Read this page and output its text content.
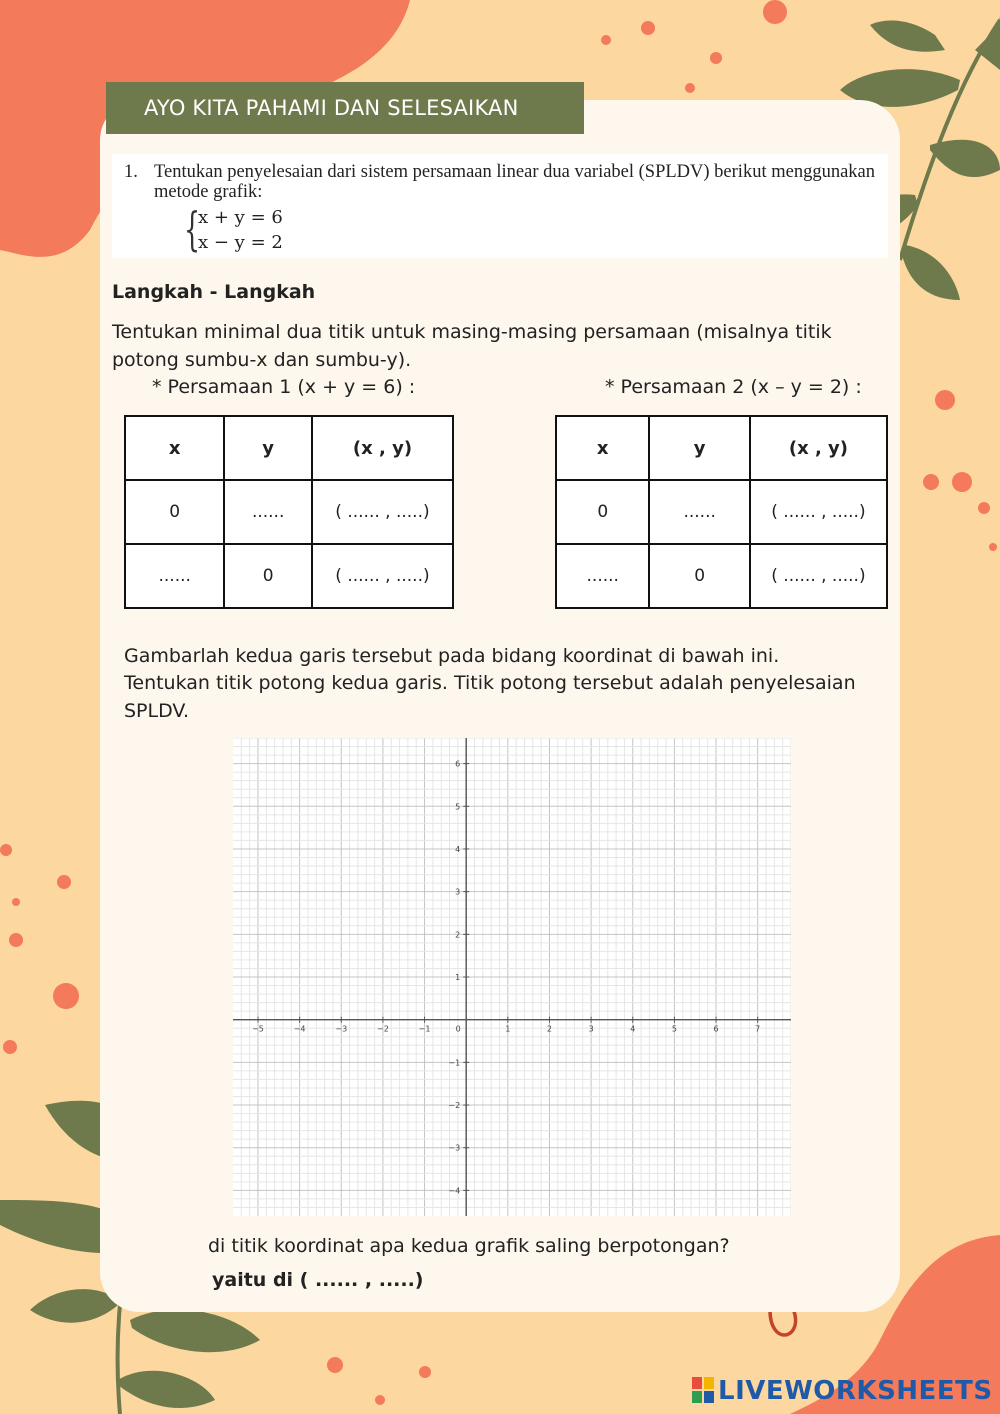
AYO KITA PAHAMI DAN SELESAIKAN
1. Tentukan penyelesaian dari sistem persamaan linear dua variabel (SPLDV) berikut menggunakan metode grafik:
{
x + y = 6
x − y = 2
Langkah - Langkah
Tentukan minimal dua titik untuk masing-masing persamaan (misalnya titik
potong sumbu-x dan sumbu-y).
* Persamaan 1 (x + y = 6) :	* Persamaan 2 (x – y = 2) :
x	y	(x , y)
0	......	( ...... , .....)
......	0	( ...... , .....)
x	y	(x , y)
0	......	( ...... , .....)
......	0	( ...... , .....)
Gambarlah kedua garis tersebut pada bidang koordinat di bawah ini.
Tentukan titik potong kedua garis. Titik potong tersebut adalah penyelesaian
SPLDV.
−5	−4	−3	−2	−1	0	1	2	3	4	5	6	7
−4
−3
−2
−1
1
2
3
4
5
6
di titik koordinat apa kedua grafik saling berpotongan?
yaitu di ( ...... , .....)
LIVEWORKSHEETS
